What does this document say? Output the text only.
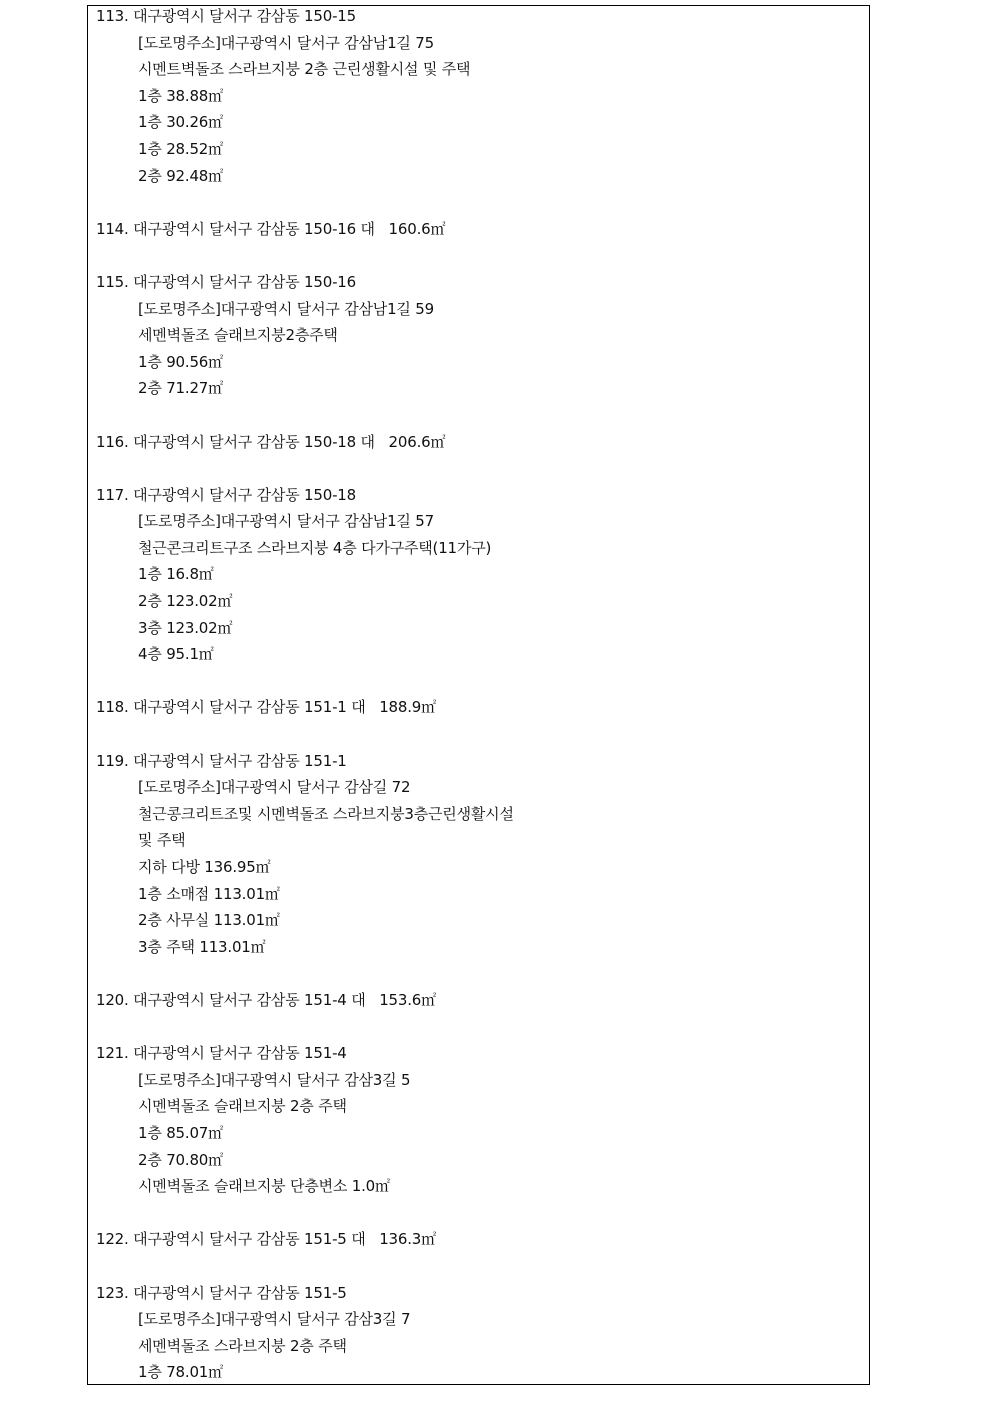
113. 대구광역시 달서구 감삼동 150-15
[도로명주소]대구광역시 달서구 감삼남1길 75
시멘트벽돌조 스라브지붕 2층 근린생활시설 및 주택
1층 38.88㎡
1층 30.26㎡
1층 28.52㎡
2층 92.48㎡
114. 대구광역시 달서구 감삼동 150-16 대   160.6㎡
115. 대구광역시 달서구 감삼동 150-16
[도로명주소]대구광역시 달서구 감삼남1길 59
세멘벽돌조 슬래브지붕2층주택
1층 90.56㎡
2층 71.27㎡
116. 대구광역시 달서구 감삼동 150-18 대   206.6㎡
117. 대구광역시 달서구 감삼동 150-18
[도로명주소]대구광역시 달서구 감삼남1길 57
철근콘크리트구조 스라브지붕 4층 다가구주택(11가구)
1층 16.8㎡
2층 123.02㎡
3층 123.02㎡
4층 95.1㎡
118. 대구광역시 달서구 감삼동 151-1 대   188.9㎡
119. 대구광역시 달서구 감삼동 151-1
[도로명주소]대구광역시 달서구 감삼길 72
철근콩크리트조및 시멘벽돌조 스라브지붕3층근린생활시설
및 주택
지하 다방 136.95㎡
1층 소매점 113.01㎡
2층 사무실 113.01㎡
3층 주택 113.01㎡
120. 대구광역시 달서구 감삼동 151-4 대   153.6㎡
121. 대구광역시 달서구 감삼동 151-4
[도로명주소]대구광역시 달서구 감삼3길 5
시멘벽돌조 슬래브지붕 2층 주택
1층 85.07㎡
2층 70.80㎡
시멘벽돌조 슬래브지붕 단층변소 1.0㎡
122. 대구광역시 달서구 감삼동 151-5 대   136.3㎡
123. 대구광역시 달서구 감삼동 151-5
[도로명주소]대구광역시 달서구 감삼3길 7
세멘벽돌조 스라브지붕 2층 주택
1층 78.01㎡
